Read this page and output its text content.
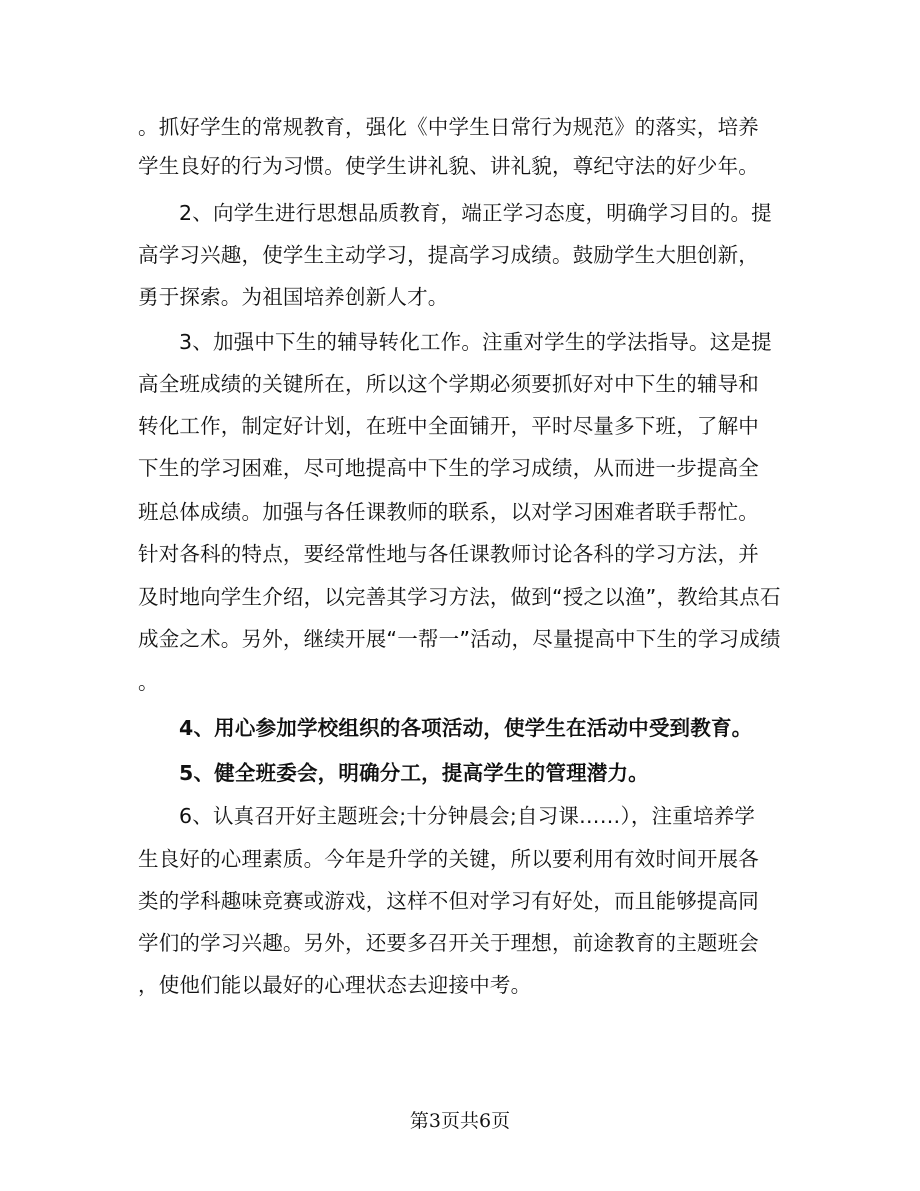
。抓好学生的常规教育，强化《中学生日常行为规范》的落实，培养
学生良好的行为习惯。使学生讲礼貌、讲礼貌，尊纪守法的好少年。
2、向学生进行思想品质教育，端正学习态度，明确学习目的。提
高学习兴趣，使学生主动学习，提高学习成绩。鼓励学生大胆创新，
勇于探索。为祖国培养创新人才。
3、加强中下生的辅导转化工作。注重对学生的学法指导。这是提
高全班成绩的关键所在，所以这个学期必须要抓好对中下生的辅导和
转化工作，制定好计划，在班中全面铺开，平时尽量多下班，了解中
下生的学习困难，尽可地提高中下生的学习成绩，从而进一步提高全
班总体成绩。加强与各任课教师的联系，以对学习困难者联手帮忙。
针对各科的特点，要经常性地与各任课教师讨论各科的学习方法，并
及时地向学生介绍，以完善其学习方法，做到“授之以渔”，教给其点石
成金之术。另外，继续开展“一帮一”活动，尽量提高中下生的学习成绩
。
4、用心参加学校组织的各项活动，使学生在活动中受到教育。
5、健全班委会，明确分工，提高学生的管理潜力。
6、认真召开好主题班会;十分钟晨会;自习课……），注重培养学
生良好的心理素质。今年是升学的关键，所以要利用有效时间开展各
类的学科趣味竞赛或游戏，这样不但对学习有好处，而且能够提高同
学们的学习兴趣。另外，还要多召开关于理想，前途教育的主题班会
，使他们能以最好的心理状态去迎接中考。
第3页共6页
